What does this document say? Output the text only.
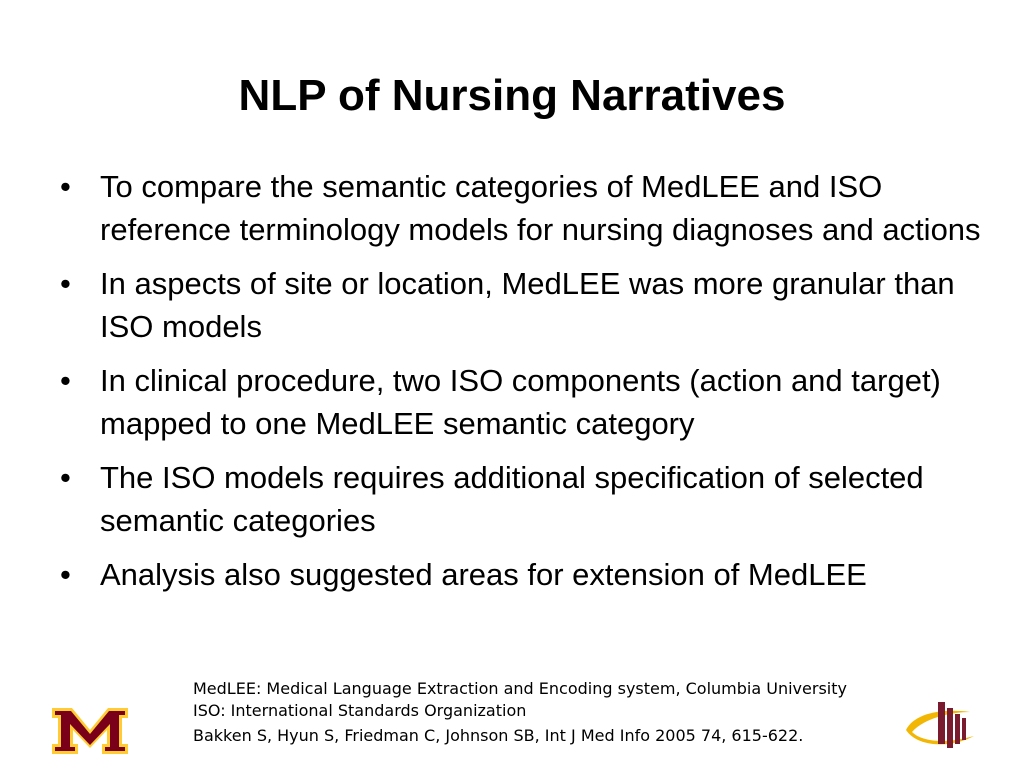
NLP of Nursing Narratives
• To compare the semantic categories of MedLEE and ISO reference terminology models for nursing diagnoses and actions
• In aspects of site or location, MedLEE was more granular than ISO models
• In clinical procedure, two ISO components (action and target) mapped to one MedLEE semantic category
• The ISO models requires additional specification of selected semantic categories
• Analysis also suggested areas for extension of MedLEE
MedLEE: Medical Language Extraction and Encoding system, Columbia University
ISO: International Standards Organization
Bakken S, Hyun S, Friedman C, Johnson SB, Int J Med Info 2005 74, 615-622.
